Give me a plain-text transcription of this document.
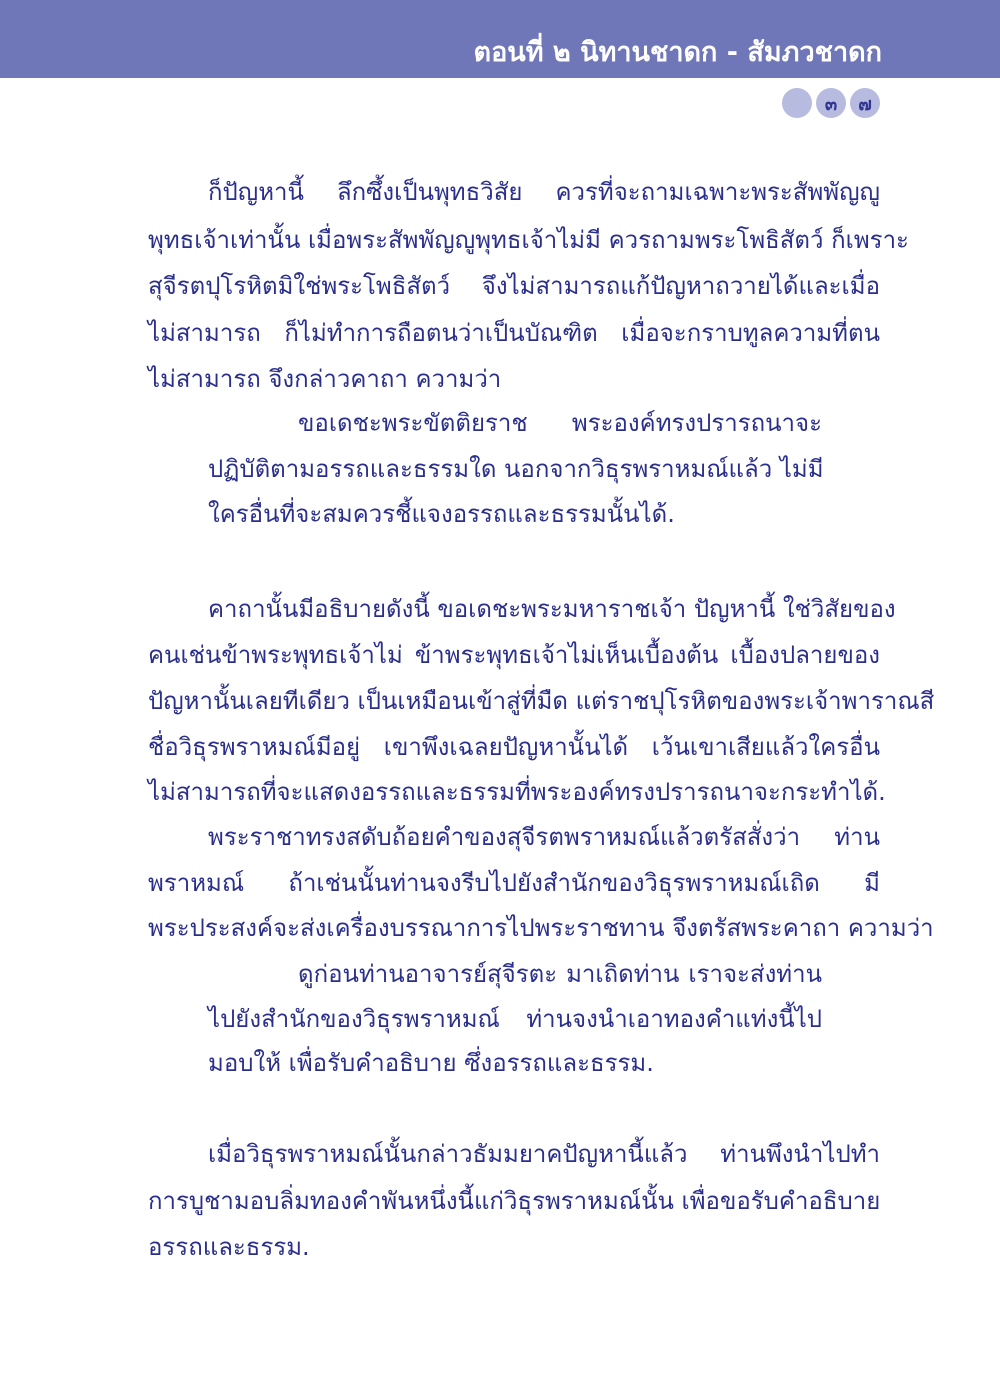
ตอนที่ ๒ นิทานชาดก - สัมภวชาดก
๓	๗
ก็ปัญหานี้ ลึกซึ้งเป็นพุทธวิสัย ควรที่จะถามเฉพาะพระสัพพัญญู
พุทธเจ้าเท่านั้น เมื่อพระสัพพัญญูพุทธเจ้าไม่มี ควรถามพระโพธิสัตว์ ก็เพราะ
สุจีรตปุโรหิตมิใช่พระโพธิสัตว์ จึงไม่สามารถแก้ปัญหาถวายได้และเมื่อ
ไม่สามารถ ก็ไม่ทำการถือตนว่าเป็นบัณฑิต เมื่อจะกราบทูลความที่ตน
ไม่สามารถ จึงกล่าวคาถา ความว่า
ขอเดชะพระขัตติยราช พระองค์ทรงปรารถนาจะ
ปฏิบัติตามอรรถและธรรมใด นอกจากวิธุรพราหมณ์แล้ว ไม่มี
ใครอื่นที่จะสมควรชี้แจงอรรถและธรรมนั้นได้.
คาถานั้นมีอธิบายดังนี้ ขอเดชะพระมหาราชเจ้า ปัญหานี้ ใช่วิสัยของ
คนเช่นข้าพระพุทธเจ้าไม่ ข้าพระพุทธเจ้าไม่เห็นเบื้องต้น เบื้องปลายของ
ปัญหานั้นเลยทีเดียว เป็นเหมือนเข้าสู่ที่มืด แต่ราชปุโรหิตของพระเจ้าพาราณสี
ชื่อวิธุรพราหมณ์มีอยู่ เขาพึงเฉลยปัญหานั้นได้ เว้นเขาเสียแล้วใครอื่น
ไม่สามารถที่จะแสดงอรรถและธรรมที่พระองค์ทรงปรารถนาจะกระทำได้.
พระราชาทรงสดับถ้อยคำของสุจีรตพราหมณ์แล้วตรัสสั่งว่า ท่าน
พราหมณ์ ถ้าเช่นนั้นท่านจงรีบไปยังสำนักของวิธุรพราหมณ์เถิด มี
พระประสงค์จะส่งเครื่องบรรณาการไปพระราชทาน จึงตรัสพระคาถา ความว่า
ดูก่อนท่านอาจารย์สุจีรตะ มาเถิดท่าน เราจะส่งท่าน
ไปยังสำนักของวิธุรพราหมณ์ ท่านจงนำเอาทองคำแท่งนี้ไป
มอบให้ เพื่อรับคำอธิบาย ซึ่งอรรถและธรรม.
เมื่อวิธุรพราหมณ์นั้นกล่าวธัมมยาคปัญหานี้แล้ว ท่านพึงนำไปทำ
การบูชามอบลิ่มทองคำพันหนึ่งนี้แก่วิธุรพราหมณ์นั้น เพื่อขอรับคำอธิบาย
อรรถและธรรม.
